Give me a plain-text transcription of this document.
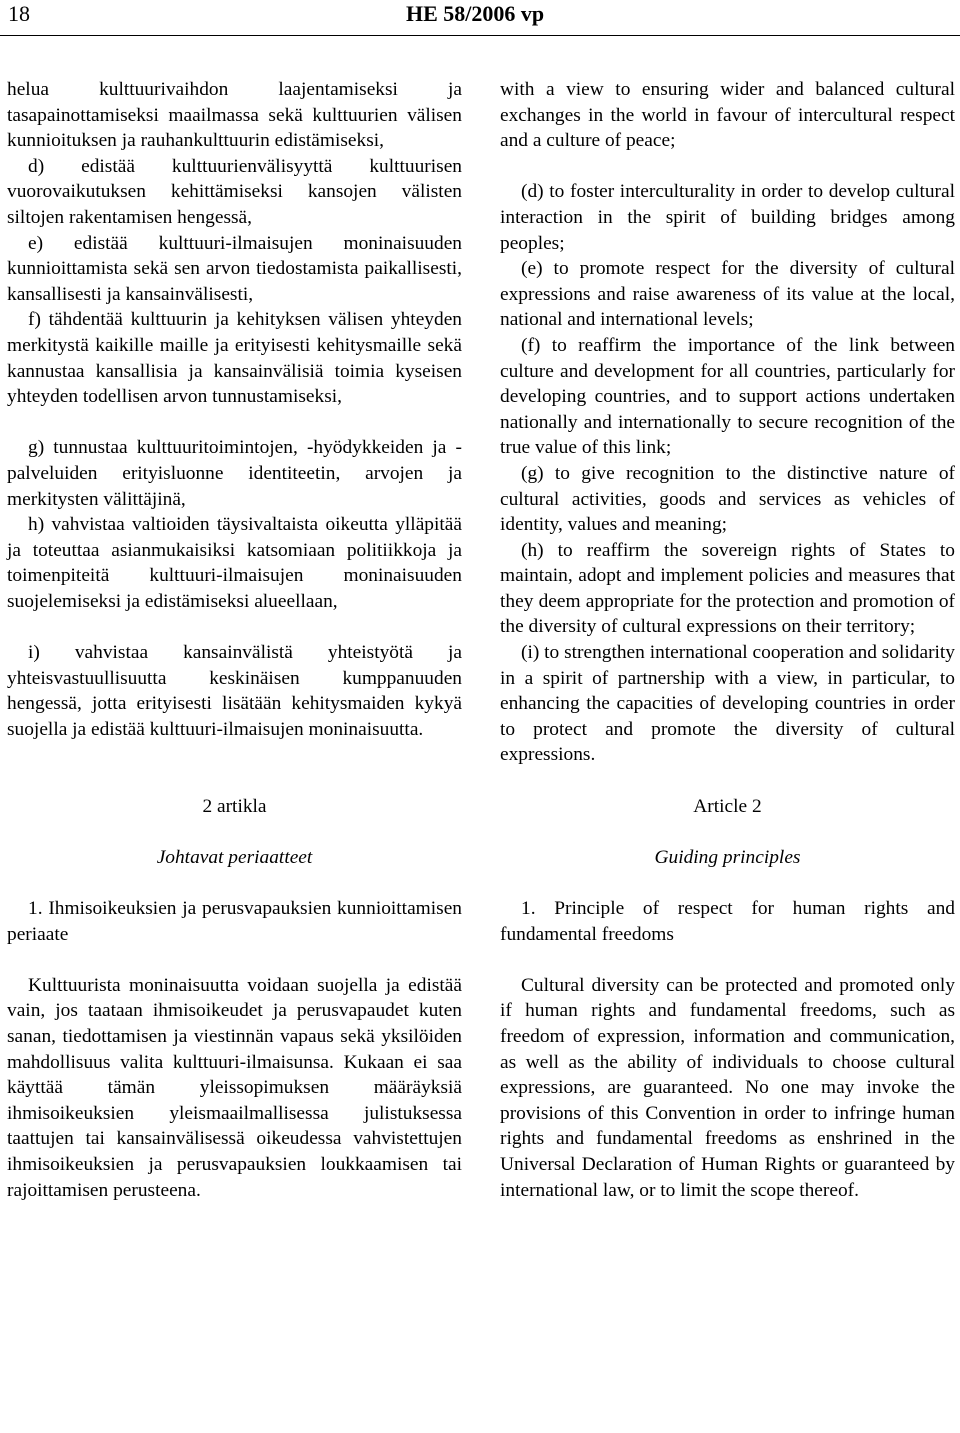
18	HE 58/2006 vp

helua kulttuurivaihdon laajentamiseksi ja tasapainottamiseksi maailmassa sekä kulttuurien välisen kunnioituksen ja rauhankulttuurin edistämiseksi,

d) edistää kulttuurienvälisyyttä kulttuurisen vuorovaikutuksen kehittämiseksi kansojen välisten siltojen rakentamisen hengessä,

e) edistää kulttuuri-ilmaisujen moninaisuuden kunnioittamista sekä sen arvon tiedostamista paikallisesti, kansallisesti ja kansainvälisesti,

f) tähdentää kulttuurin ja kehityksen välisen yhteyden merkitystä kaikille maille ja erityisesti kehitysmaille sekä kannustaa kansallisia ja kansainvälisiä toimia kyseisen yhteyden todellisen arvon tunnustamiseksi,

g) tunnustaa kulttuuritoimintojen, -hyödykkeiden ja -palveluiden erityisluonne identiteetin, arvojen ja merkitysten välittäjinä,

h) vahvistaa valtioiden täysivaltaista oikeutta ylläpitää ja toteuttaa asianmukaisiksi katsomiaan politiikkoja ja toimenpiteitä kulttuuri-ilmaisujen moninaisuuden suojelemiseksi ja edistämiseksi alueellaan,

i) vahvistaa kansainvälistä yhteistyötä ja yhteisvastuullisuutta keskinäisen kumppanuuden hengessä, jotta erityisesti lisätään kehitysmaiden kykyä suojella ja edistää kulttuuri-ilmaisujen moninaisuutta.

2 artikla

Johtavat periaatteet

1. Ihmisoikeuksien ja perusvapauksien kunnioittamisen periaate

Kulttuurista moninaisuutta voidaan suojella ja edistää vain, jos taataan ihmisoikeudet ja perusvapaudet kuten sanan, tiedottamisen ja viestinnän vapaus sekä yksilöiden mahdollisuus valita kulttuuri-ilmaisunsa. Kukaan ei saa käyttää tämän yleissopimuksen määräyksiä ihmisoikeuksien yleismaailmallisessa julistuksessa taattujen tai kansainvälisessä oikeudessa vahvistettujen ihmisoikeuksien ja perusvapauksien loukkaamisen tai rajoittamisen perusteena.

with a view to ensuring wider and balanced cultural exchanges in the world in favour of intercultural respect and a culture of peace;

(d) to foster interculturality in order to develop cultural interaction in the spirit of building bridges among peoples;

(e) to promote respect for the diversity of cultural expressions and raise awareness of its value at the local, national and international levels;

(f) to reaffirm the importance of the link between culture and development for all countries, particularly for developing countries, and to support actions undertaken nationally and internationally to secure recognition of the true value of this link;

(g) to give recognition to the distinctive nature of cultural activities, goods and services as vehicles of identity, values and meaning;

(h) to reaffirm the sovereign rights of States to maintain, adopt and implement policies and measures that they deem appropriate for the protection and promotion of the diversity of cultural expressions on their territory;

(i) to strengthen international cooperation and solidarity in a spirit of partnership with a view, in particular, to enhancing the capacities of developing countries in order to protect and promote the diversity of cultural expressions.

Article 2

Guiding principles

1. Principle of respect for human rights and fundamental freedoms

Cultural diversity can be protected and promoted only if human rights and fundamental freedoms, such as freedom of expression, information and communication, as well as the ability of individuals to choose cultural expressions, are guaranteed. No one may invoke the provisions of this Convention in order to infringe human rights and fundamental freedoms as enshrined in the Universal Declaration of Human Rights or guaranteed by international law, or to limit the scope thereof.
